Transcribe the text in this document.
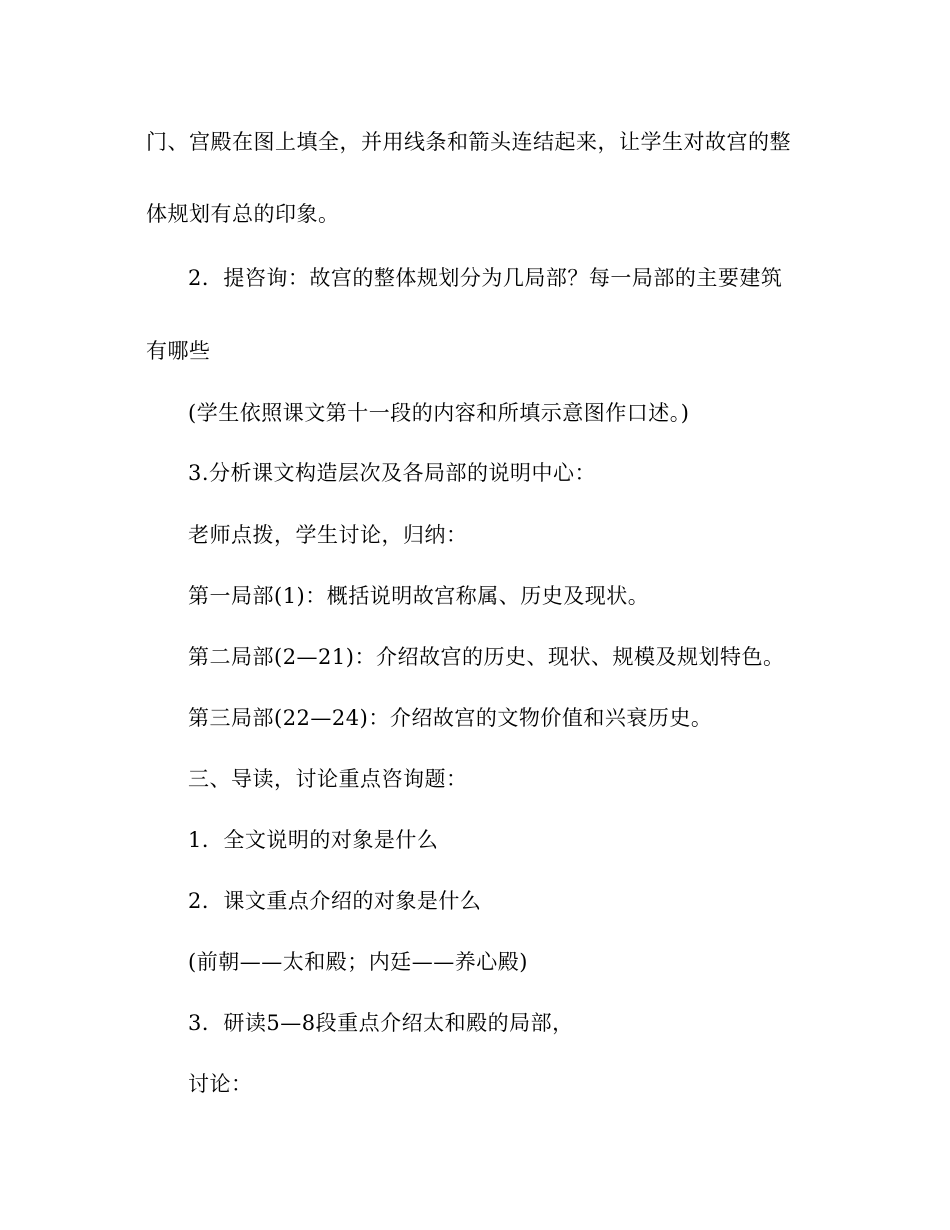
门、宫殿在图上填全，并用线条和箭头连结起来，让学生对故宫的整
体规划有总的印象。
2．提咨询：故宫的整体规划分为几局部？每一局部的主要建筑
有哪些
(学生依照课文第十一段的内容和所填示意图作口述。)
3.分析课文构造层次及各局部的说明中心：
老师点拨，学生讨论，归纳：
第一局部(1)：概括说明故宫称属、历史及现状。
第二局部(2—21)：介绍故宫的历史、现状、规模及规划特色。
第三局部(22—24)：介绍故宫的文物价值和兴衰历史。
三、导读，讨论重点咨询题：
1．全文说明的对象是什么
2．课文重点介绍的对象是什么
(前朝——太和殿；内廷——养心殿)
3．研读5—8段重点介绍太和殿的局部，
讨论：
